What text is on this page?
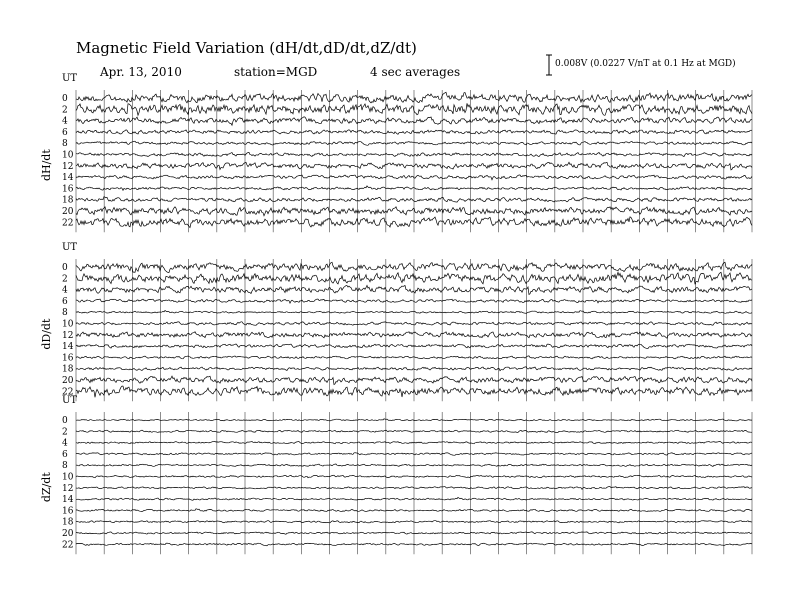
Magnetic Field Variation (dH/dt,dD/dt,dZ/dt)
Apr. 13, 2010	station=MGD	4 sec averages
0.008V (0.0227 V/nT at 0.1 Hz at MGD)
UT
dH/dt
0
2
4
6
8
10
12
14
16
18
20
22
UT
dD/dt
0
2
4
6
8
10
12
14
16
18
20
22
UT
dZ/dt
0
2
4
6
8
10
12
14
16
18
20
22
